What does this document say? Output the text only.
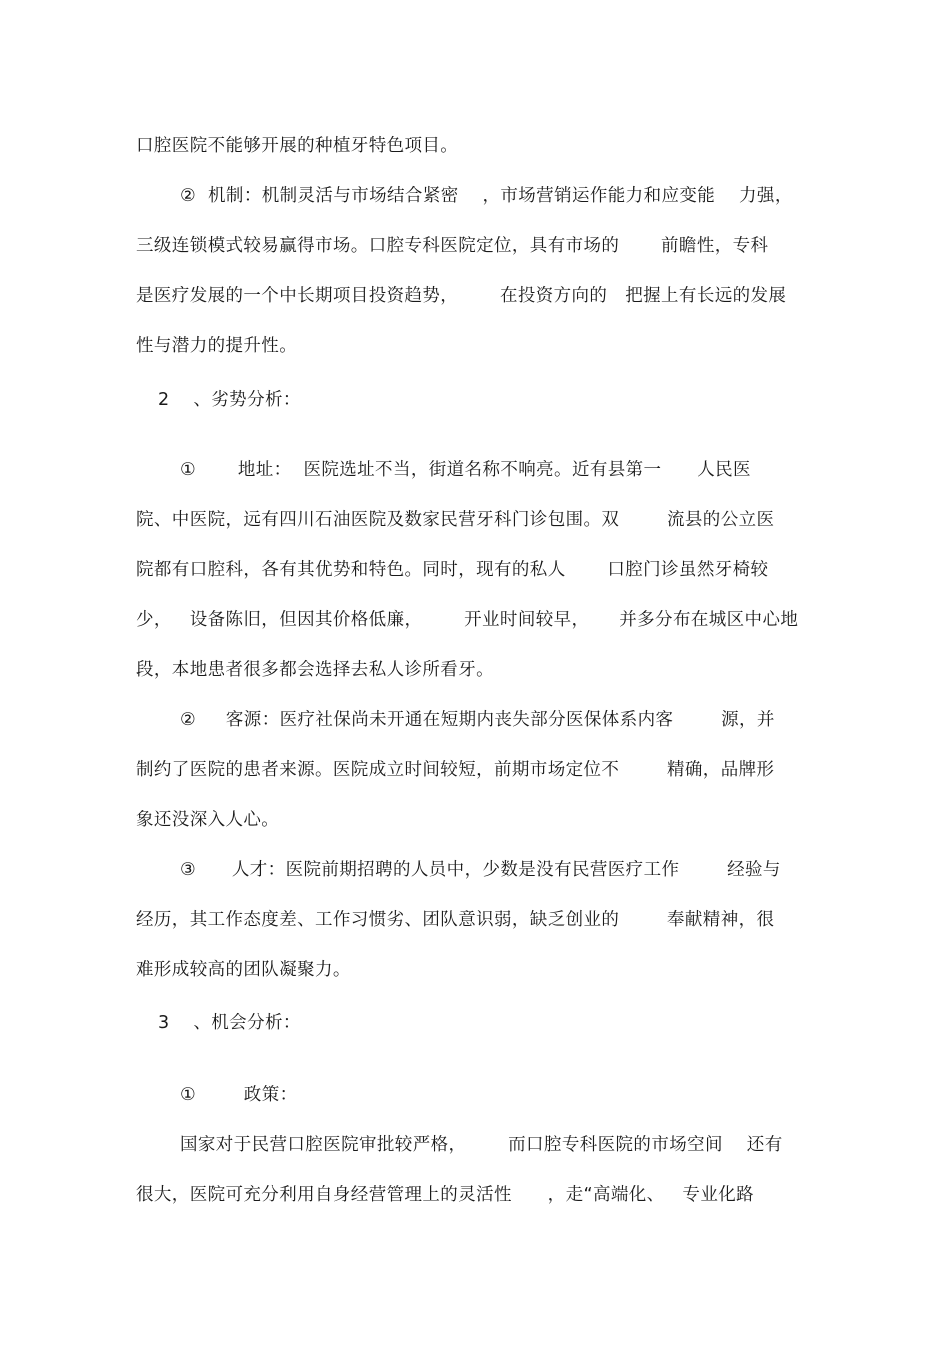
口腔医院不能够开展的种植牙特色项目。
②  机制：机制灵活与市场结合紧密    ，市场营销运作能力和应变能    力强，
三级连锁模式较易赢得市场。口腔专科医院定位，具有市场的       前瞻性，专科
是医疗发展的一个中长期项目投资趋势，       在投资方向的   把握上有长远的发展
性与潜力的提升性。
2    、劣势分析：
①       地址：  医院选址不当，街道名称不响亮。近有县第一      人民医
院、中医院，远有四川石油医院及数家民营牙科门诊包围。双        流县的公立医
院都有口腔科，各有其优势和特色。同时，现有的私人       口腔门诊虽然牙椅较
少，   设备陈旧，但因其价格低廉，       开业时间较早，     并多分布在城区中心地
段，本地患者很多都会选择去私人诊所看牙。
②     客源：医疗社保尚未开通在短期内丧失部分医保体系内客        源，并
制约了医院的患者来源。医院成立时间较短，前期市场定位不        精确，品牌形
象还没深入人心。
③      人才：医院前期招聘的人员中，少数是没有民营医疗工作        经验与
经历，其工作态度差、工作习惯劣、团队意识弱，缺乏创业的        奉献精神，很
难形成较高的团队凝聚力。
3    、机会分析：
①        政策：
国家对于民营口腔医院审批较严格，       而口腔专科医院的市场空间    还有
很大，医院可充分利用自身经营管理上的灵活性      ，走“高端化、   专业化路
